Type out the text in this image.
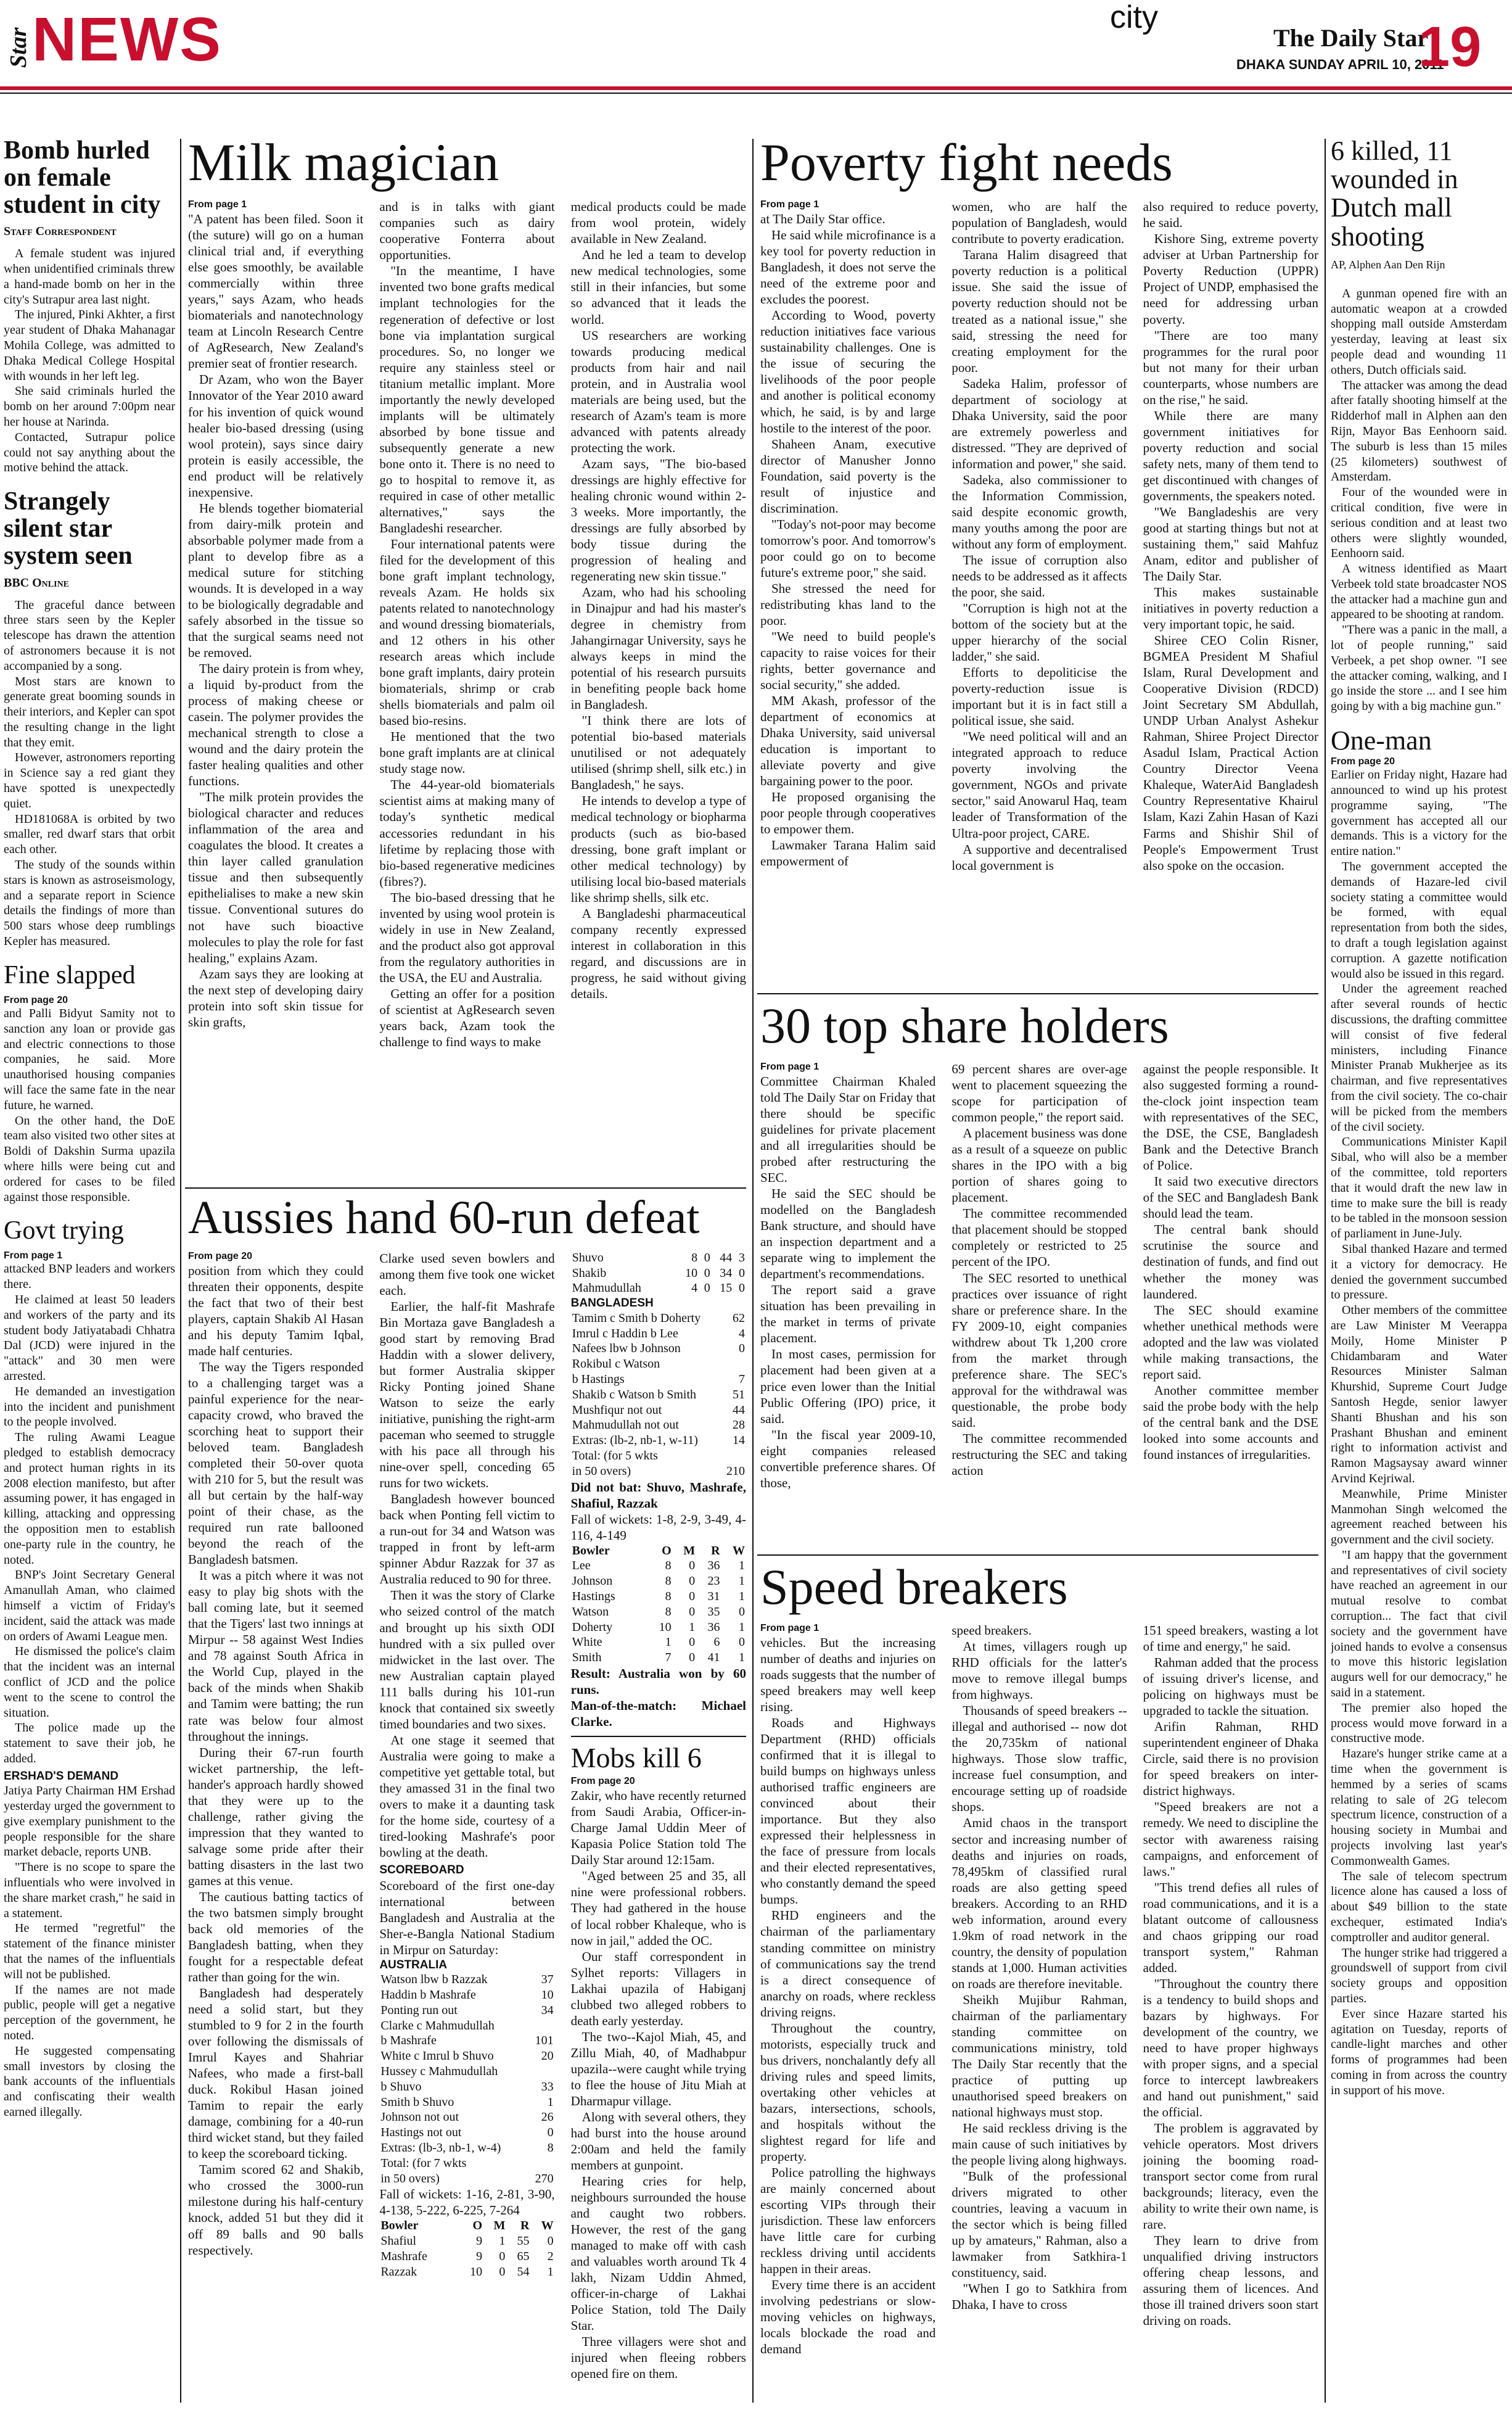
Star NEWS	city
The Daily Star
DHAKA SUNDAY APRIL 10, 2011
19
Bomb hurled on female student in city
Staff Correspondent

A female student was injured when unidentified criminals threw a hand-made bomb on her in the city's Sutrapur area last night.

The injured, Pinki Akhter, a first year student of Dhaka Mahanagar Mohila College, was admitted to Dhaka Medical College Hospital with wounds in her left leg.

She said criminals hurled the bomb on her around 7:00pm near her house at Narinda.

Contacted, Sutrapur police could not say anything about the motive behind the attack.

Strangely silent star system seen
BBC Online

The graceful dance between three stars seen by the Kepler telescope has drawn the attention of astronomers because it is not accompanied by a song.

Most stars are known to generate great booming sounds in their interiors, and Kepler can spot the resulting change in the light that they emit.

However, astronomers reporting in Science say a red giant they have spotted is unexpectedly quiet.

HD181068A is orbited by two smaller, red dwarf stars that orbit each other.

The study of the sounds within stars is known as astroseismology, and a separate report in Science details the findings of more than 500 stars whose deep rumblings Kepler has measured.

Fine slapped
From page 20

and Palli Bidyut Samity not to sanction any loan or provide gas and electric connections to those companies, he said. More unauthorised housing companies will face the same fate in the near future, he warned.

On the other hand, the DoE team also visited two other sites at Boldi of Dakshin Surma upazila where hills were being cut and ordered for cases to be filed against those responsible.

Govt trying
From page 1

attacked BNP leaders and workers there.

He claimed at least 50 leaders and workers of the party and its student body Jatiyatabadi Chhatra Dal (JCD) were injured in the "attack" and 30 men were arrested.

He demanded an investigation into the incident and punishment to the people involved.

The ruling Awami League pledged to establish democracy and protect human rights in its 2008 election manifesto, but after assuming power, it has engaged in killing, attacking and oppressing the opposition men to establish one-party rule in the country, he noted.

BNP's Joint Secretary General Amanullah Aman, who claimed himself a victim of Friday's incident, said the attack was made on orders of Awami League men.

He dismissed the police's claim that the incident was an internal conflict of JCD and the police went to the scene to control the situation.

The police made up the statement to save their job, he added.

ERSHAD'S DEMAND

Jatiya Party Chairman HM Ershad yesterday urged the government to give exemplary punishment to the people responsible for the share market debacle, reports UNB.

"There is no scope to spare the influentials who were involved in the share market crash," he said in a statement.

He termed "regretful" the statement of the finance minister that the names of the influentials will not be published.

If the names are not made public, people will get a negative perception of the government, he noted.

He suggested compensating small investors by closing the bank accounts of the influentials and confiscating their wealth earned illegally.

Milk magician
From page 1

"A patent has been filed. Soon it (the suture) will go on a human clinical trial and, if everything else goes smoothly, be available commercially within three years," says Azam, who heads biomaterials and nanotechnology team at Lincoln Research Centre of AgResearch, New Zealand's premier seat of frontier research.

Dr Azam, who won the Bayer Innovator of the Year 2010 award for his invention of quick wound healer bio-based dressing (using wool protein), says since dairy protein is easily accessible, the end product will be relatively inexpensive.

He blends together biomaterial from dairy-milk protein and absorbable polymer made from a plant to develop fibre as a medical suture for stitching wounds. It is developed in a way to be biologically degradable and safely absorbed in the tissue so that the surgical seams need not be removed.

The dairy protein is from whey, a liquid by-product from the process of making cheese or casein. The polymer provides the mechanical strength to close a wound and the dairy protein the faster healing qualities and other functions.

"The milk protein provides the biological character and reduces inflammation of the area and coagulates the blood. It creates a thin layer called granulation tissue and then subsequently epithelialises to make a new skin tissue. Conventional sutures do not have such bioactive molecules to play the role for fast healing," explains Azam.

Azam says they are looking at the next step of developing dairy protein into soft skin tissue for skin grafts,

and is in talks with giant companies such as dairy cooperative Fonterra about opportunities.

"In the meantime, I have invented two bone grafts medical implant technologies for the regeneration of defective or lost bone via implantation surgical procedures. So, no longer we require any stainless steel or titanium metallic implant. More importantly the newly developed implants will be ultimately absorbed by bone tissue and subsequently generate a new bone onto it. There is no need to go to hospital to remove it, as required in case of other metallic alternatives," says the Bangladeshi researcher.

Four international patents were filed for the development of this bone graft implant technology, reveals Azam. He holds six patents related to nanotechnology and wound dressing biomaterials, and 12 others in his other research areas which include bone graft implants, dairy protein biomaterials, shrimp or crab shells biomaterials and palm oil based bio-resins.

He mentioned that the two bone graft implants are at clinical study stage now.

The 44-year-old biomaterials scientist aims at making many of today's synthetic medical accessories redundant in his lifetime by replacing those with bio-based regenerative medicines (fibres?).

The bio-based dressing that he invented by using wool protein is widely in use in New Zealand, and the product also got approval from the regulatory authorities in the USA, the EU and Australia.

Getting an offer for a position of scientist at AgResearch seven years back, Azam took the challenge to find ways to make

medical products could be made from wool protein, widely available in New Zealand.

And he led a team to develop new medical technologies, some still in their infancies, but some so advanced that it leads the world.

US researchers are working towards producing medical products from hair and nail protein, and in Australia wool materials are being used, but the research of Azam's team is more advanced with patents already protecting the work.

Azam says, "The bio-based dressings are highly effective for healing chronic wound within 2-3 weeks. More importantly, the dressings are fully absorbed by body tissue during the progression of healing and regenerating new skin tissue."

Azam, who had his schooling in Dinajpur and had his master's degree in chemistry from Jahangirnagar University, says he always keeps in mind the potential of his research pursuits in benefiting people back home in Bangladesh.

"I think there are lots of potential bio-based materials unutilised or not adequately utilised (shrimp shell, silk etc.) in Bangladesh," he says.

He intends to develop a type of medical technology or biopharma products (such as bio-based dressing, bone graft implant or other medical technology) by utilising local bio-based materials like shrimp shells, silk etc.

A Bangladeshi pharmaceutical company recently expressed interest in collaboration in this regard, and discussions are in progress, he said without giving details.

Aussies hand 60-run defeat
From page 20

position from which they could threaten their opponents, despite the fact that two of their best players, captain Shakib Al Hasan and his deputy Tamim Iqbal, made half centuries.

The way the Tigers responded to a challenging target was a painful experience for the near-capacity crowd, who braved the scorching heat to support their beloved team. Bangladesh completed their 50-over quota with 210 for 5, but the result was all but certain by the half-way point of their chase, as the required run rate ballooned beyond the reach of the Bangladesh batsmen.

It was a pitch where it was not easy to play big shots with the ball coming late, but it seemed that the Tigers' last two innings at Mirpur -- 58 against West Indies and 78 against South Africa in the World Cup, played in the back of the minds when Shakib and Tamim were batting; the run rate was below four almost throughout the innings.

During their 67-run fourth wicket partnership, the left-hander's approach hardly showed that they were up to the challenge, rather giving the impression that they wanted to salvage some pride after their batting disasters in the last two games at this venue.

The cautious batting tactics of the two batsmen simply brought back old memories of the Bangladesh batting, when they fought for a respectable defeat rather than going for the win.

Bangladesh had desperately need a solid start, but they stumbled to 9 for 2 in the fourth over following the dismissals of Imrul Kayes and Shahriar Nafees, who made a first-ball duck. Rokibul Hasan joined Tamim to repair the early damage, combining for a 40-run third wicket stand, but they failed to keep the scoreboard ticking.

Tamim scored 62 and Shakib, who crossed the 3000-run milestone during his half-century knock, added 51 but they did it off 89 balls and 90 balls respectively.

Clarke used seven bowlers and among them five took one wicket each.

Earlier, the half-fit Mashrafe Bin Mortaza gave Bangladesh a good start by removing Brad Haddin with a slower delivery, but former Australia skipper Ricky Ponting joined Shane Watson to seize the early initiative, punishing the right-arm paceman who seemed to struggle with his pace all through his nine-over spell, conceding 65 runs for two wickets.

Bangladesh however bounced back when Ponting fell victim to a run-out for 34 and Watson was trapped in front by left-arm spinner Abdur Razzak for 37 as Australia reduced to 90 for three.

Then it was the story of Clarke who seized control of the match and brought up his sixth ODI hundred with a six pulled over midwicket in the last over. The new Australian captain played 111 balls during his 101-run knock that contained six sweetly timed boundaries and two sixes.

At one stage it seemed that Australia were going to make a competitive yet gettable total, but they amassed 31 in the final two overs to make it a daunting task for the home side, courtesy of a tired-looking Mashrafe's poor bowling at the death.

SCOREBOARD

Scoreboard of the first one-day international between Bangladesh and Australia at the Sher-e-Bangla National Stadium in Mirpur on Saturday:

AUSTRALIA
Watson lbw b Razzak	37
Haddin b Mashrafe	10
Ponting run out	34
Clarke c Mahmudullah	
b Mashrafe	101
White c Imrul b Shuvo	20
Hussey c Mahmudullah	
b Shuvo	33
Smith b Shuvo	1
Johnson not out	26
Hastings not out	0
Extras: (lb-3, nb-1, w-4)	8
Total: (for 7 wkts	
in 50 overs)	270

Fall of wickets: 1-16, 2-81, 3-90, 4-138, 5-222, 6-225, 7-264

Bowler	O	M	R	W
Shafiul	9	1	55	0
Mashrafe	9	0	65	2
Razzak	10	0	54	1
Shuvo	8	0	44	3
Shakib	10	0	34	0
Mahmudullah	4	0	15	0
BANGLADESH
Tamim c Smith b Doherty	62
Imrul c Haddin b Lee	4
Nafees lbw b Johnson	0
Rokibul c Watson	
b Hastings	7
Shakib c Watson b Smith	51
Mushfiqur not out	44
Mahmudullah not out	28
Extras: (lb-2, nb-1, w-11)	14
Total: (for 5 wkts	
in 50 overs)	210

Did not bat: Shuvo, Mashrafe, Shafiul, Razzak

Fall of wickets: 1-8, 2-9, 3-49, 4-116, 4-149

Bowler	O	M	R	W
Lee	8	0	36	1
Johnson	8	0	23	1
Hastings	8	0	31	1
Watson	8	0	35	0
Doherty	10	1	36	1
White	1	0	6	0
Smith	7	0	41	1

Result: Australia won by 60 runs.

Man-of-the-match: Michael Clarke.

Mobs kill 6
From page 20

Zakir, who have recently returned from Saudi Arabia, Officer-in-Charge Jamal Uddin Meer of Kapasia Police Station told The Daily Star around 12:15am.

"Aged between 25 and 35, all nine were professional robbers. They had gathered in the house of local robber Khaleque, who is now in jail," added the OC.

Our staff correspondent in Sylhet reports: Villagers in Lakhai upazila of Habiganj clubbed two alleged robbers to death early yesterday.

The two--Kajol Miah, 45, and Zillu Miah, 40, of Madhabpur upazila--were caught while trying to flee the house of Jitu Miah at Dharmapur village.

Along with several others, they had burst into the house around 2:00am and held the family members at gunpoint.

Hearing cries for help, neighbours surrounded the house and caught two robbers. However, the rest of the gang managed to make off with cash and valuables worth around Tk 4 lakh, Nizam Uddin Ahmed, officer-in-charge of Lakhai Police Station, told The Daily Star.

Three villagers were shot and injured when fleeing robbers opened fire on them.

Poverty fight needs
From page 1

at The Daily Star office.

He said while microfinance is a key tool for poverty reduction in Bangladesh, it does not serve the need of the extreme poor and excludes the poorest.

According to Wood, poverty reduction initiatives face various sustainability challenges. One is the issue of securing the livelihoods of the poor people and another is political economy which, he said, is by and large hostile to the interest of the poor.

Shaheen Anam, executive director of Manusher Jonno Foundation, said poverty is the result of injustice and discrimination.

"Today's not-poor may become tomorrow's poor. And tomorrow's poor could go on to become future's extreme poor," she said.

She stressed the need for redistributing khas land to the poor.

"We need to build people's capacity to raise voices for their rights, better governance and social security," she added.

MM Akash, professor of the department of economics at Dhaka University, said universal education is important to alleviate poverty and give bargaining power to the poor.

He proposed organising the poor people through cooperatives to empower them.

Lawmaker Tarana Halim said empowerment of

women, who are half the population of Bangladesh, would contribute to poverty eradication.

Tarana Halim disagreed that poverty reduction is a political issue. She said the issue of poverty reduction should not be treated as a national issue," she said, stressing the need for creating employment for the poor.

Sadeka Halim, professor of department of sociology at Dhaka University, said the poor are extremely powerless and distressed. "They are deprived of information and power," she said.

Sadeka, also commissioner to the Information Commission, said despite economic growth, many youths among the poor are without any form of employment.

The issue of corruption also needs to be addressed as it affects the poor, she said.

"Corruption is high not at the bottom of the society but at the upper hierarchy of the social ladder," she said.

Efforts to depoliticise the poverty-reduction issue is important but it is in fact still a political issue, she said.

"We need political will and an integrated approach to reduce poverty involving the government, NGOs and private sector," said Anowarul Haq, team leader of Transformation of the Ultra-poor project, CARE.

A supportive and decentralised local government is

also required to reduce poverty, he said.

Kishore Sing, extreme poverty adviser at Urban Partnership for Poverty Reduction (UPPR) Project of UNDP, emphasised the need for addressing urban poverty.

"There are too many programmes for the rural poor but not many for their urban counterparts, whose numbers are on the rise," he said.

While there are many government initiatives for poverty reduction and social safety nets, many of them tend to get discontinued with changes of governments, the speakers noted.

"We Bangladeshis are very good at starting things but not at sustaining them," said Mahfuz Anam, editor and publisher of The Daily Star.

This makes sustainable initiatives in poverty reduction a very important topic, he said.

Shiree CEO Colin Risner, BGMEA President M Shafiul Islam, Rural Development and Cooperative Division (RDCD) Joint Secretary SM Abdullah, UNDP Urban Analyst Ashekur Rahman, Shiree Project Director Asadul Islam, Practical Action Country Director Veena Khaleque, WaterAid Bangladesh Country Representative Khairul Islam, Kazi Zahin Hasan of Kazi Farms and Shishir Shil of People's Empowerment Trust also spoke on the occasion.

30 top share holders
From page 1

Committee Chairman Khaled told The Daily Star on Friday that there should be specific guidelines for private placement and all irregularities should be probed after restructuring the SEC.

He said the SEC should be modelled on the Bangladesh Bank structure, and should have an inspection department and a separate wing to implement the department's recommendations.

The report said a grave situation has been prevailing in the market in terms of private placement.

In most cases, permission for placement had been given at a price even lower than the Initial Public Offering (IPO) price, it said.

"In the fiscal year 2009-10, eight companies released convertible preference shares. Of those,

69 percent shares are over-age went to placement squeezing the scope for participation of common people," the report said.

A placement business was done as a result of a squeeze on public shares in the IPO with a big portion of shares going to placement.

The committee recommended that placement should be stopped completely or restricted to 25 percent of the IPO.

The SEC resorted to unethical practices over issuance of right share or preference share. In the FY 2009-10, eight companies withdrew about Tk 1,200 crore from the market through preference share. The SEC's approval for the withdrawal was questionable, the probe body said.

The committee recommended restructuring the SEC and taking action

against the people responsible. It also suggested forming a round-the-clock joint inspection team with representatives of the SEC, the DSE, the CSE, Bangladesh Bank and the Detective Branch of Police.

It said two executive directors of the SEC and Bangladesh Bank should lead the team.

The central bank should scrutinise the source and destination of funds, and find out whether the money was laundered.

The SEC should examine whether unethical methods were adopted and the law was violated while making transactions, the report said.

Another committee member said the probe body with the help of the central bank and the DSE looked into some accounts and found instances of irregularities.

Speed breakers
From page 1

vehicles. But the increasing number of deaths and injuries on roads suggests that the number of speed breakers may well keep rising.

Roads and Highways Department (RHD) officials confirmed that it is illegal to build bumps on highways unless authorised traffic engineers are convinced about their importance. But they also expressed their helplessness in the face of pressure from locals and their elected representatives, who constantly demand the speed bumps.

RHD engineers and the chairman of the parliamentary standing committee on ministry of communications say the trend is a direct consequence of anarchy on roads, where reckless driving reigns.

Throughout the country, motorists, especially truck and bus drivers, nonchalantly defy all driving rules and speed limits, overtaking other vehicles at bazars, intersections, schools, and hospitals without the slightest regard for life and property.

Police patrolling the highways are mainly concerned about escorting VIPs through their jurisdiction. These law enforcers have little care for curbing reckless driving until accidents happen in their areas.

Every time there is an accident involving pedestrians or slow-moving vehicles on highways, locals blockade the road and demand

speed breakers.

At times, villagers rough up RHD officials for the latter's move to remove illegal bumps from highways.

Thousands of speed breakers -- illegal and authorised -- now dot the 20,735km of national highways. Those slow traffic, increase fuel consumption, and encourage setting up of roadside shops.

Amid chaos in the transport sector and increasing number of deaths and injuries on roads, 78,495km of classified rural roads are also getting speed breakers. According to an RHD web information, around every 1.9km of road network in the country, the density of population stands at 1,000. Human activities on roads are therefore inevitable.

Sheikh Mujibur Rahman, chairman of the parliamentary standing committee on communications ministry, told The Daily Star recently that the practice of putting up unauthorised speed breakers on national highways must stop.

He said reckless driving is the main cause of such initiatives by the people living along highways.

"Bulk of the professional drivers migrated to other countries, leaving a vacuum in the sector which is being filled up by amateurs," Rahman, also a lawmaker from Satkhira-1 constituency, said.

"When I go to Satkhira from Dhaka, I have to cross

151 speed breakers, wasting a lot of time and energy," he said.

Rahman added that the process of issuing driver's license, and policing on highways must be upgraded to tackle the situation.

Arifin Rahman, RHD superintendent engineer of Dhaka Circle, said there is no provision for speed breakers on inter-district highways.

"Speed breakers are not a remedy. We need to discipline the sector with awareness raising campaigns, and enforcement of laws."

"This trend defies all rules of road communications, and it is a blatant outcome of callousness and chaos gripping our road transport system," Rahman added.

"Throughout the country there is a tendency to build shops and bazars by highways. For development of the country, we need to have proper highways with proper signs, and a special force to intercept lawbreakers and hand out punishment," said the official.

The problem is aggravated by vehicle operators. Most drivers joining the booming road-transport sector come from rural backgrounds; literacy, even the ability to write their own name, is rare.

They learn to drive from unqualified driving instructors offering cheap lessons, and assuring them of licences. And those ill trained drivers soon start driving on roads.

6 killed, 11 wounded in Dutch mall shooting
AP, Alphen Aan Den Rijn

A gunman opened fire with an automatic weapon at a crowded shopping mall outside Amsterdam yesterday, leaving at least six people dead and wounding 11 others, Dutch officials said.

The attacker was among the dead after fatally shooting himself at the Ridderhof mall in Alphen aan den Rijn, Mayor Bas Eenhoorn said. The suburb is less than 15 miles (25 kilometers) southwest of Amsterdam.

Four of the wounded were in critical condition, five were in serious condition and at least two others were slightly wounded, Eenhoorn said.

A witness identified as Maart Verbeek told state broadcaster NOS the attacker had a machine gun and appeared to be shooting at random.

"There was a panic in the mall, a lot of people running," said Verbeek, a pet shop owner. "I see the attacker coming, walking, and I go inside the store ... and I see him going by with a big machine gun."

One-man
From page 20

Earlier on Friday night, Hazare had announced to wind up his protest programme saying, "The government has accepted all our demands. This is a victory for the entire nation."

The government accepted the demands of Hazare-led civil society stating a committee would be formed, with equal representation from both the sides, to draft a tough legislation against corruption. A gazette notification would also be issued in this regard.

Under the agreement reached after several rounds of hectic discussions, the drafting committee will consist of five federal ministers, including Finance Minister Pranab Mukherjee as its chairman, and five representatives from the civil society. The co-chair will be picked from the members of the civil society.

Communications Minister Kapil Sibal, who will also be a member of the committee, told reporters that it would draft the new law in time to make sure the bill is ready to be tabled in the monsoon session of parliament in June-July.

Sibal thanked Hazare and termed it a victory for democracy. He denied the government succumbed to pressure.

Other members of the committee are Law Minister M Veerappa Moily, Home Minister P Chidambaram and Water Resources Minister Salman Khurshid, Supreme Court Judge Santosh Hegde, senior lawyer Shanti Bhushan and his son Prashant Bhushan and eminent right to information activist and Ramon Magsaysay award winner Arvind Kejriwal.

Meanwhile, Prime Minister Manmohan Singh welcomed the agreement reached between his government and the civil society.

"I am happy that the government and representatives of civil society have reached an agreement in our mutual resolve to combat corruption... The fact that civil society and the government have joined hands to evolve a consensus to move this historic legislation augurs well for our democracy," he said in a statement.

The premier also hoped the process would move forward in a constructive mode.

Hazare's hunger strike came at a time when the government is hemmed by a series of scams relating to sale of 2G telecom spectrum licence, construction of a housing society in Mumbai and projects involving last year's Commonwealth Games.

The sale of telecom spectrum licence alone has caused a loss of about $49 billion to the state exchequer, estimated India's comptroller and auditor general.

The hunger strike had triggered a groundswell of support from civil society groups and opposition parties.

Ever since Hazare started his agitation on Tuesday, reports of candle-light marches and other forms of programmes had been coming in from across the country in support of his move.
